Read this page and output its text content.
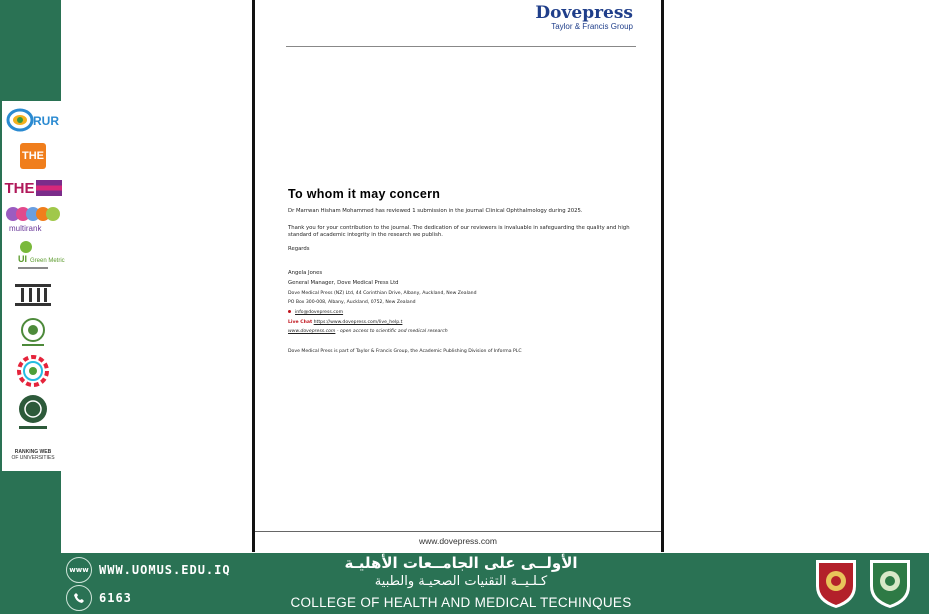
RUR
THE
THE
multirank
UI Green Metric
RANKING WEB
OF UNIVERSITIES
Dovepress
Taylor & Francis Group
To whom it may concern
Dr Marrwan Hisham Mohammed has reviewed 1 submission in the journal Clinical Ophthalmology during 2025.
Thank you for your contribution to the journal. The dedication of our reviewers is invaluable in safeguarding the quality and high standard of academic integrity in the research we publish.
Regards
Angela Jones
General Manager, Dove Medical Press Ltd
Dove Medical Press (NZ) Ltd, 44 Corinthian Drive, Albany, Auckland, New Zealand
PO Box 300-008, Albany, Auckland, 0752, New Zealand
info@dovepress.com
Live Chat https://www.dovepress.com/live_help.t
www.dovepress.com - open access to scientific and medical research
Dove Medical Press is part of Taylor & Francis Group, the Academic Publishing Division of Informa PLC
www.dovepress.com
www WWW.UOMUS.EDU.IQ
6163
الأولــى على الجامــعات الأهليـة
كـلـيــة التقنيات الصحيـة والطبية
COLLEGE OF HEALTH AND MEDICAL TECHINQUES
